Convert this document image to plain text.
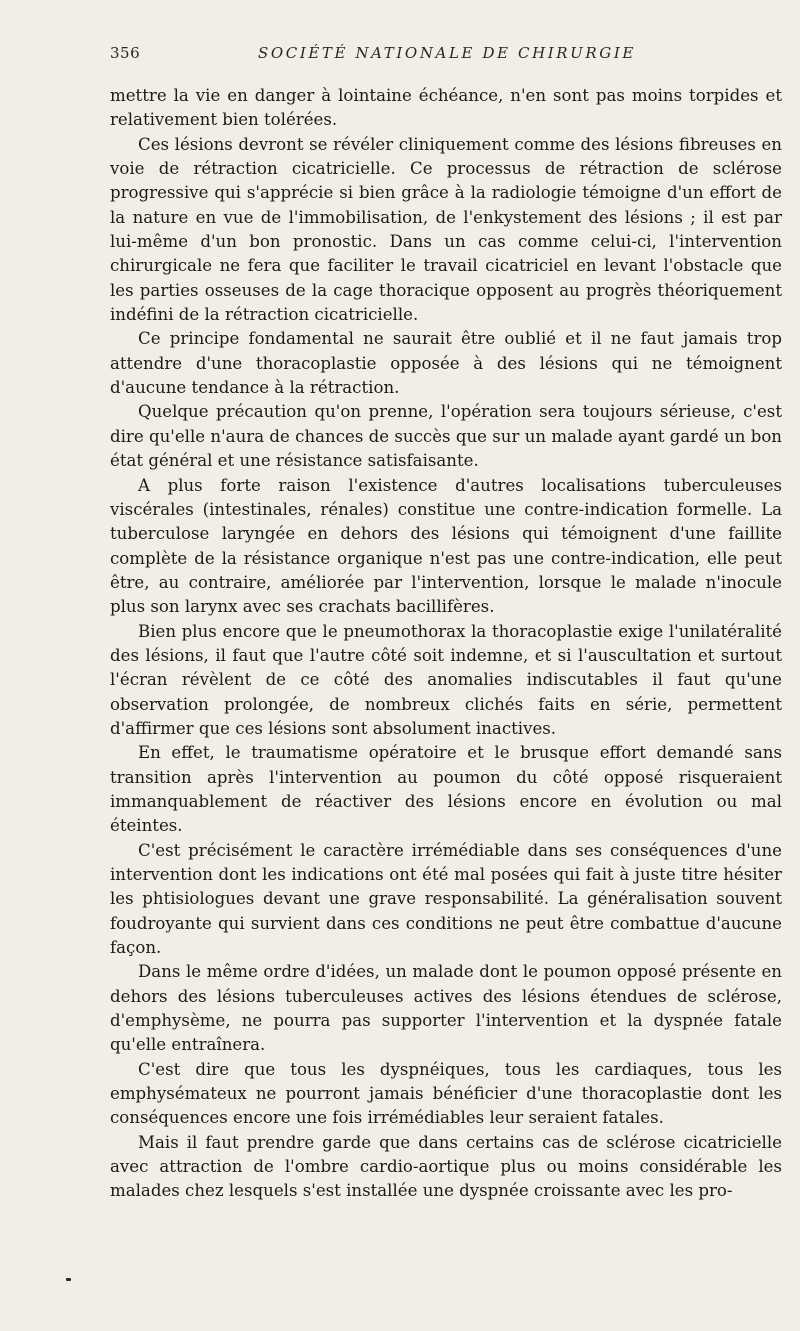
356	SOCIÉTÉ NATIONALE DE CHIRURGIE

mettre la vie en danger à lointaine échéance, n'en sont pas moins torpides et relativement bien tolérées.

Ces lésions devront se révéler cliniquement comme des lésions fibreuses en voie de rétraction cicatricielle. Ce processus de rétraction de sclérose progressive qui s'apprécie si bien grâce à la radiologie témoigne d'un effort de la nature en vue de l'immobilisation, de l'enkystement des lésions ; il est par lui-même d'un bon pronostic. Dans un cas comme celui-ci, l'intervention chirurgicale ne fera que faciliter le travail cicatriciel en levant l'obstacle que les parties osseuses de la cage thoracique opposent au progrès théoriquement indéfini de la rétraction cicatricielle.

Ce principe fondamental ne saurait être oublié et il ne faut jamais trop attendre d'une thoracoplastie opposée à des lésions qui ne témoignent d'aucune tendance à la rétraction.

Quelque précaution qu'on prenne, l'opération sera toujours sérieuse, c'est dire qu'elle n'aura de chances de succès que sur un malade ayant gardé un bon état général et une résistance satisfaisante.

A plus forte raison l'existence d'autres localisations tuberculeuses viscérales (intestinales, rénales) constitue une contre-indication formelle. La tuberculose laryngée en dehors des lésions qui témoignent d'une faillite complète de la résistance organique n'est pas une contre-indication, elle peut être, au contraire, améliorée par l'intervention, lorsque le malade n'inocule plus son larynx avec ses crachats bacillifères.

Bien plus encore que le pneumothorax la thoracoplastie exige l'unilatéralité des lésions, il faut que l'autre côté soit indemne, et si l'auscultation et surtout l'écran révèlent de ce côté des anomalies indiscutables il faut qu'une observation prolongée, de nombreux clichés faits en série, permettent d'affirmer que ces lésions sont absolument inactives.

En effet, le traumatisme opératoire et le brusque effort demandé sans transition après l'intervention au poumon du côté opposé risqueraient immanquablement de réactiver des lésions encore en évolution ou mal éteintes.

C'est précisément le caractère irrémédiable dans ses conséquences d'une intervention dont les indications ont été mal posées qui fait à juste titre hésiter les phtisiologues devant une grave responsabilité. La généralisation souvent foudroyante qui survient dans ces conditions ne peut être combattue d'aucune façon.

Dans le même ordre d'idées, un malade dont le poumon opposé présente en dehors des lésions tuberculeuses actives des lésions étendues de sclérose, d'emphysème, ne pourra pas supporter l'intervention et la dyspnée fatale qu'elle entraînera.

C'est dire que tous les dyspnéiques, tous les cardiaques, tous les emphysémateux ne pourront jamais bénéficier d'une thoracoplastie dont les conséquences encore une fois irrémédiables leur seraient fatales.

Mais il faut prendre garde que dans certains cas de sclérose cicatricielle avec attraction de l'ombre cardio-aortique plus ou moins considérable les malades chez lesquels s'est installée une dyspnée croissante avec les pro-
